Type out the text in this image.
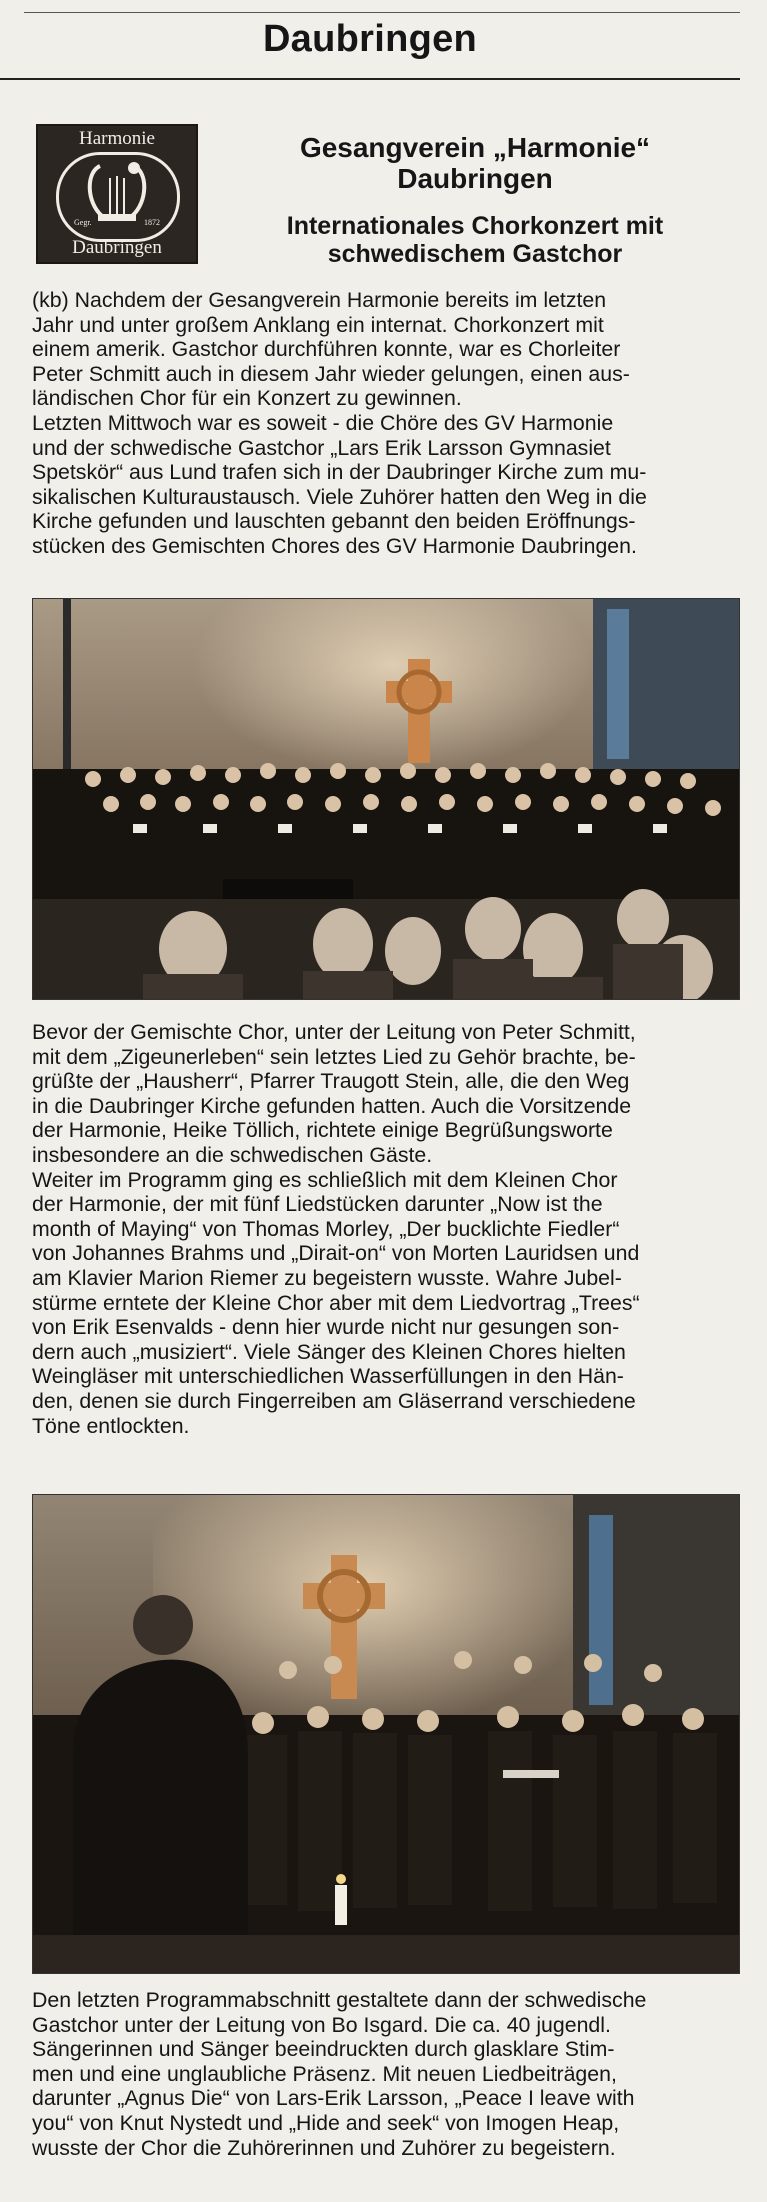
Daubringen
Harmonie
Gegr.	1872
Daubringen
Gesangverein „Harmonie“
Daubringen
Internationales Chorkonzert mit
schwedischem Gastchor

(kb) Nachdem der Gesangverein Harmonie bereits im letzten
Jahr und unter großem Anklang ein internat. Chorkonzert mit
einem amerik. Gastchor durchführen konnte, war es Chorleiter
Peter Schmitt auch in diesem Jahr wieder gelungen, einen aus-
ländischen Chor für ein Konzert zu gewinnen.
Letzten Mittwoch war es soweit - die Chöre des GV Harmonie
und der schwedische Gastchor „Lars Erik Larsson Gymnasiet
Spetskör“ aus Lund trafen sich in der Daubringer Kirche zum mu-
sikalischen Kulturaustausch. Viele Zuhörer hatten den Weg in die
Kirche gefunden und lauschten gebannt den beiden Eröffnungs-
stücken des Gemischten Chores des GV Harmonie Daubringen.

Bevor der Gemischte Chor, unter der Leitung von Peter Schmitt,
mit dem „Zigeunerleben“ sein letztes Lied zu Gehör brachte, be-
grüßte der „Hausherr“, Pfarrer Traugott Stein, alle, die den Weg
in die Daubringer Kirche gefunden hatten. Auch die Vorsitzende
der Harmonie, Heike Töllich, richtete einige Begrüßungsworte
insbesondere an die schwedischen Gäste.
Weiter im Programm ging es schließlich mit dem Kleinen Chor
der Harmonie, der mit fünf Liedstücken darunter „Now ist the
month of Maying“ von Thomas Morley, „Der bucklichte Fiedler“
von Johannes Brahms und „Dirait-on“ von Morten Lauridsen und
am Klavier Marion Riemer zu begeistern wusste. Wahre Jubel-
stürme erntete der Kleine Chor aber mit dem Liedvortrag „Trees“
von Erik Esenvalds - denn hier wurde nicht nur gesungen son-
dern auch „musiziert“. Viele Sänger des Kleinen Chores hielten
Weingläser mit unterschiedlichen Wasserfüllungen in den Hän-
den, denen sie durch Fingerreiben am Gläserrand verschiedene
Töne entlockten.

Den letzten Programmabschnitt gestaltete dann der schwedische
Gastchor unter der Leitung von Bo Isgard. Die ca. 40 jugendl.
Sängerinnen und Sänger beeindruckten durch glasklare Stim-
men und eine unglaubliche Präsenz. Mit neuen Liedbeiträgen,
darunter „Agnus Die“ von Lars-Erik Larsson, „Peace I leave with
you“ von Knut Nystedt und „Hide and seek“ von Imogen Heap,
wusste der Chor die Zuhörerinnen und Zuhörer zu begeistern.
